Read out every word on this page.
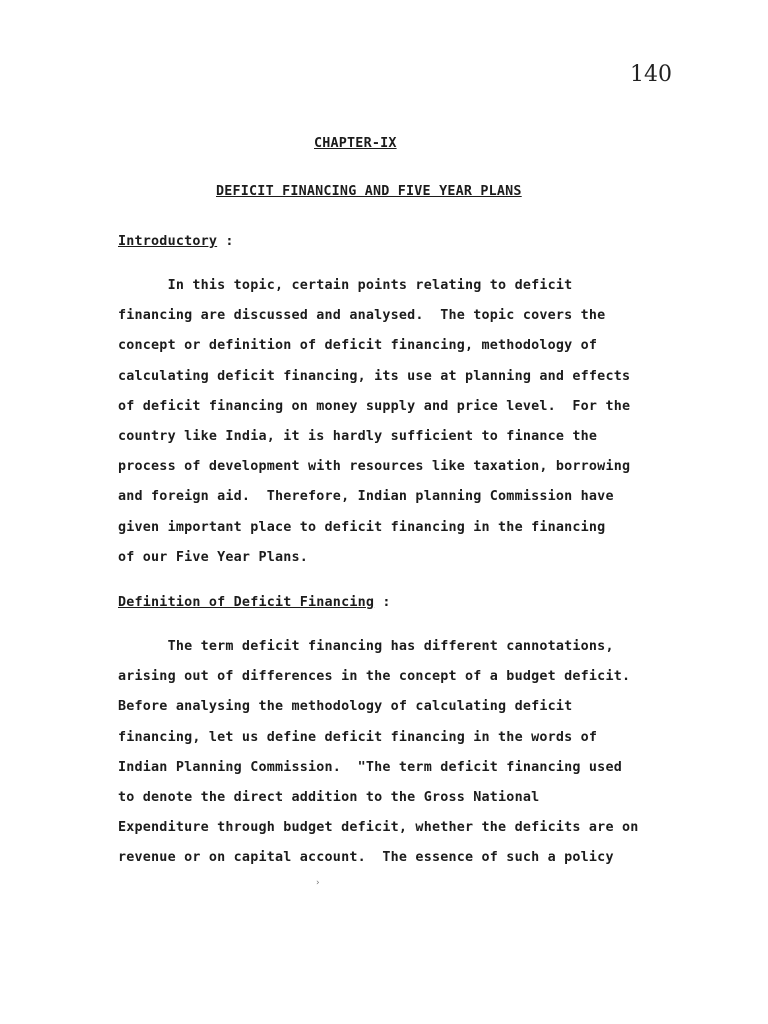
140

CHAPTER-IX

DEFICIT FINANCING AND FIVE YEAR PLANS

Introductory :

In this topic, certain points relating to deficit
financing are discussed and analysed.  The topic covers the
concept or definition of deficit financing, methodology of
calculating deficit financing, its use at planning and effects
of deficit financing on money supply and price level.  For the
country like India, it is hardly sufficient to finance the
process of development with resources like taxation, borrowing
and foreign aid.  Therefore, Indian planning Commission have
given important place to deficit financing in the financing
of our Five Year Plans.

Definition of Deficit Financing :

The term deficit financing has different cannotations,
arising out of differences in the concept of a budget deficit.
Before analysing the methodology of calculating deficit
financing, let us define deficit financing in the words of
Indian Planning Commission.  "The term deficit financing used
to denote the direct addition to the Gross National
Expenditure through budget deficit, whether the deficits are on
revenue or on capital account.  The essence of such a policy
›
